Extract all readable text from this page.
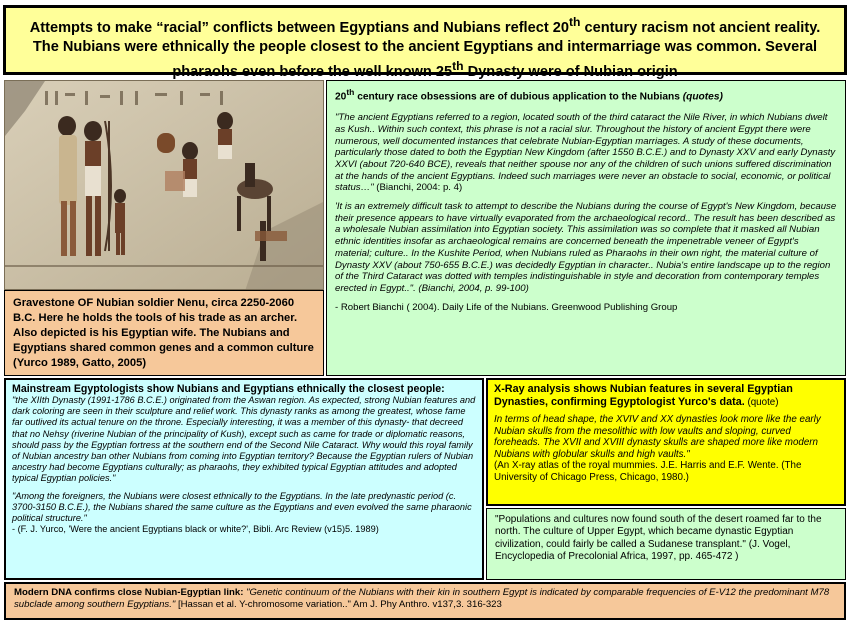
Attempts to make “racial” conflicts between Egyptians and Nubians reflect 20th century racism not ancient reality. The Nubians were ethnically the people closest to the ancient Egyptians and intermarriage was common. Several pharaohs even before the well known 25th Dynasty were of Nubian origin
Gravestone OF Nubian soldier Nenu, circa 2250-2060 B.C. Here he holds the tools of his trade as an archer. Also depicted is his Egyptian wife. The Nubians and Egyptians shared common genes and a common culture (Yurco 1989, Gatto, 2005)
20th century race obsessions are of dubious application to the Nubians (quotes)

"The ancient Egyptians referred to a region, located south of the third cataract the Nile River, in which Nubians dwelt as Kush.. Within such context, this phrase is not a racial slur. Throughout the history of ancient Egypt there were numerous, well documented instances that celebrate Nubian-Egyptian marriages. A study of these documents, particularly those dated to both the Egyptian New Kingdom (after 1550 B.C.E.) and to Dynasty XXV and early Dynasty XXVI (about 720-640 BCE), reveals that neither spouse nor any of the children of such unions suffered discrimination at the hands of the ancient Egyptians. Indeed such marriages were never an obstacle to social, economic, or political status…" (Bianchi, 2004: p. 4)

'It is an extremely difficult task to attempt to describe the Nubians during the course of Egypt's New Kingdom, because their presence appears to have virtually evaporated from the archaeological record.. The result has been described as a wholesale Nubian assimilation into Egyptian society. This assimilation was so complete that it masked all Nubian ethnic identities insofar as archaeological remains are concerned beneath the impenetrable veneer of Egypt's material; culture.. In the Kushite Period, when Nubians ruled as Pharaohs in their own right, the material culture of Dynasty XXV (about 750-655 B.C.E.) was decidedly Egyptian in character.. Nubia's entire landscape up to the region of the Third Cataract was dotted with temples indistinguishable in style and decoration from contemporary temples erected in Egypt..". (Bianchi, 2004, p. 99-100)

- Robert Bianchi ( 2004). Daily Life of the Nubians. Greenwood Publishing Group
Mainstream Egyptologists show Nubians and Egyptians ethnically the closest people:

"the XIIth Dynasty (1991-1786 B.C.E.) originated from the Aswan region. As expected, strong Nubian features and dark coloring are seen in their sculpture and relief work. This dynasty ranks as among the greatest, whose fame far outlived its actual tenure on the throne. Especially interesting, it was a member of this dynasty- that decreed that no Nehsy (riverine Nubian of the principality of Kush), except such as came for trade or diplomatic reasons, should pass by the Egyptian fortress at the southern end of the Second Nile Cataract. Why would this royal family of Nubian ancestry ban other Nubians from coming into Egyptian territory? Because the Egyptian rulers of Nubian ancestry had become Egyptians culturally; as pharaohs, they exhibited typical Egyptian attitudes and adopted typical Egyptian policies."

"Among the foreigners, the Nubians were closest ethnically to the Egyptians. In the late predynastic period (c. 3700-3150 B.C.E.), the Nubians shared the same culture as the Egyptians and even evolved the same pharaonic political structure."
- (F. J. Yurco, 'Were the ancient Egyptians black or white?', Bibli. Arc Review (v15)5. 1989)

X-Ray analysis shows Nubian features in several Egyptian Dynasties, confirming Egyptologist Yurco's data. (quote)

In terms of head shape, the XVIV and XX dynasties look more like the early Nubian skulls from the mesolithic with low vaults and sloping, curved foreheads. The XVII and XVIII dynasty skulls are shaped more like modern Nubians with globular skulls and high vaults."

(An X-ray atlas of the royal mummies. J.E. Harris and E.F. Wente. (The University of Chicago Press, Chicago, 1980.)
"Populations and cultures now found south of the desert roamed far to the north. The culture of Upper Egypt, which became dynastic Egyptian civilization, could fairly be called a Sudanese transplant." (J. Vogel, Encyclopedia of Precolonial Africa, 1997, pp. 465-472 )
Modern DNA confirms close Nubian-Egyptian link: "Genetic continuum of the Nubians with their kin in southern Egypt is indicated by comparable frequencies of E-V12 the predominant M78 subclade among southern Egyptians." [Hassan et al. Y-chromosome variation.." Am J. Phy Anthro. v137,3. 316-323
